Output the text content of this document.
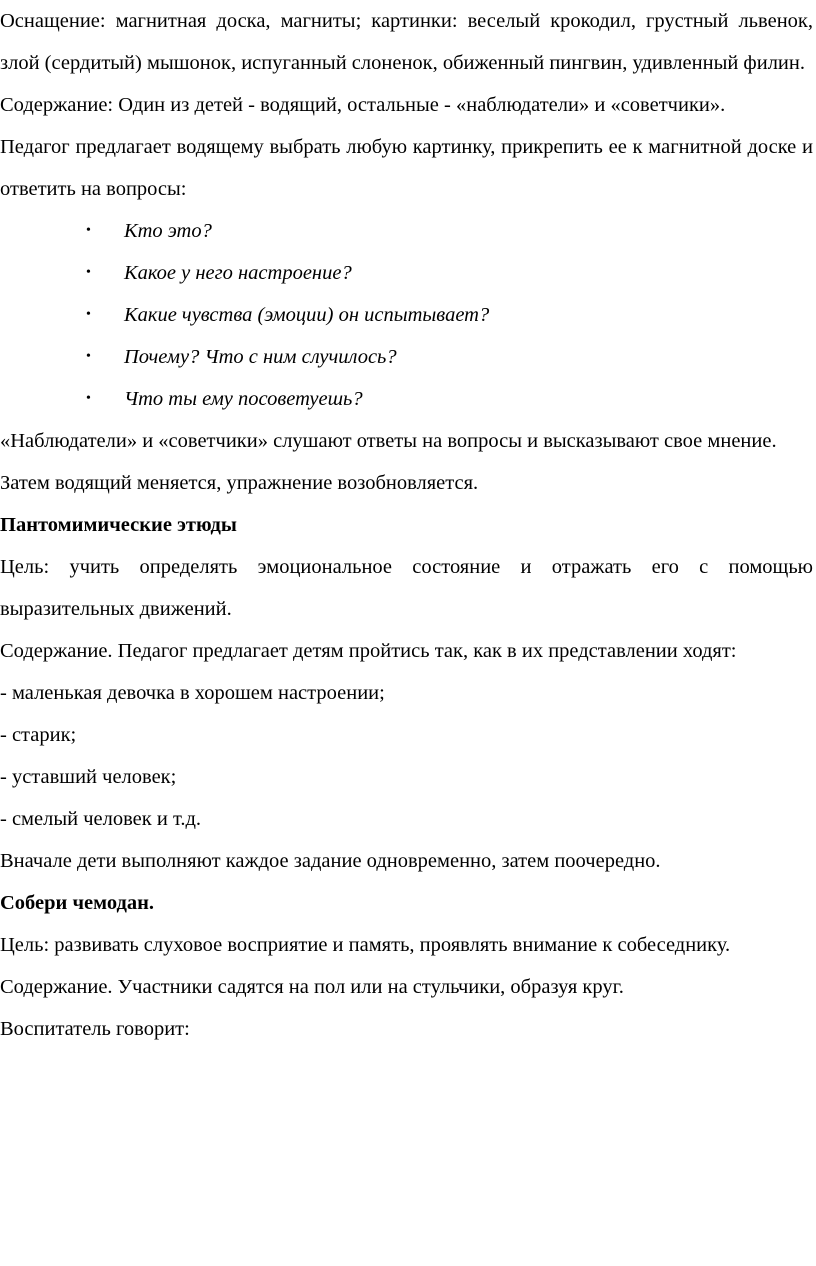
Оснащение: магнитная доска, магниты; картинки: веселый крокодил, грустный львенок, злой (сердитый) мышонок, испуганный слоненок, обиженный пингвин, удивленный филин.

Содержание: Один из детей - водящий, остальные - «наблюдатели» и «советчики».

Педагог предлагает водящему выбрать любую картинку, прикрепить ее к магнитной доске и ответить на вопросы:

• Кто это?
• Какое у него настроение?
• Какие чувства (эмоции) он испытывает?
• Почему? Что с ним случилось?
• Что ты ему посоветуешь?

«Наблюдатели» и «советчики» слушают ответы на вопросы и высказывают свое мнение.

Затем водящий меняется, упражнение возобновляется.

Пантомимические этюды

Цель: учить определять эмоциональное состояние и отражать его с помощью выразительных движений.

Содержание. Педагог предлагает детям пройтись так, как в их представлении ходят:

- маленькая девочка в хорошем настроении;

- старик;

- уставший человек;

- смелый человек и т.д.

Вначале дети выполняют каждое задание одновременно, затем поочередно.

Собери чемодан.

Цель: развивать слуховое восприятие и память, проявлять внимание к собеседнику.

Содержание. Участники садятся на пол или на стульчики, образуя круг.

Воспитатель говорит:
